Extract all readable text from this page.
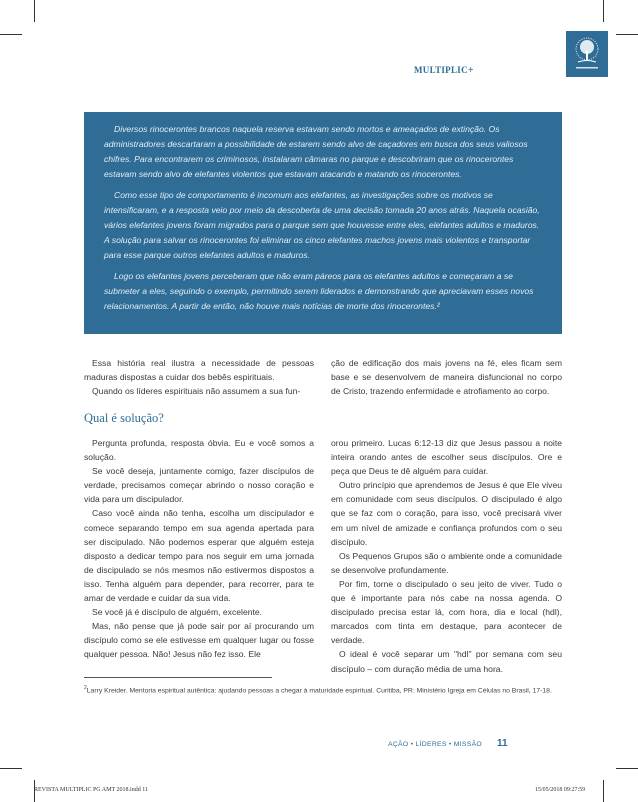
MULTIPLIC+

Diversos rinocerontes brancos naquela reserva estavam sendo mortos e ameaçados de extinção. Os administradores descartaram a possibilidade de estarem sendo alvo de caçadores em busca dos seus valiosos chifres. Para encontrarem os criminosos, instalaram câmaras no parque e descobriram que os rinocerontes estavam sendo alvo de elefantes violentos que estavam atacando e matando os rinocerontes.

Como esse tipo de comportamento é incomum aos elefantes, as investigações sobre os motivos se intensificaram, e a resposta veio por meio da descoberta de uma decisão tomada 20 anos atrás. Naquela ocasião, vários elefantes jovens foram migrados para o parque sem que houvesse entre eles, elefantes adultos e maduros. A solução para salvar os rinocerontes foi eliminar os cinco elefantes machos jovens mais violentos e transportar para esse parque outros elefantes adultos e maduros.

Logo os elefantes jovens perceberam que não eram páreos para os elefantes adultos e começaram a se submeter a eles, seguindo o exemplo, permitindo serem liderados e demonstrando que apreciavam esses novos relacionamentos. A partir de então, não houve mais notícias de morte dos rinocerontes.²

Essa história real ilustra a necessidade de pessoas maduras dispostas a cuidar dos bebês espirituais.

Quando os líderes espirituais não assumem a sua fun-

ção de edificação dos mais jovens na fé, eles ficam sem base e se desenvolvem de maneira disfuncional no corpo de Cristo, trazendo enfermidade e atrofiamento ao corpo.

Qual é solução?

Pergunta profunda, resposta óbvia. Eu e você somos a solução.

Se você deseja, juntamente comigo, fazer discípulos de verdade, precisamos começar abrindo o nosso coração e vida para um discipulador.

Caso você ainda não tenha, escolha um discipulador e comece separando tempo em sua agenda apertada para ser discipulado. Não podemos esperar que alguém esteja disposto a dedicar tempo para nos seguir em uma jornada de discipulado se nós mesmos não estivermos dispostos a isso. Tenha alguém para depender, para recorrer, para te amar de verdade e cuidar da sua vida.

Se você já é discípulo de alguém, excelente.

Mas, não pense que já pode sair por aí procurando um discípulo como se ele estivesse em qualquer lugar ou fosse qualquer pessoa. Não! Jesus não fez isso. Ele

orou primeiro. Lucas 6:12-13 diz que Jesus passou a noite inteira orando antes de escolher seus discípulos. Ore e peça que Deus te dê alguém para cuidar.

Outro princípio que aprendemos de Jesus é que Ele viveu em comunidade com seus discípulos. O discipulado é algo que se faz com o coração, para isso, você precisará viver em um nível de amizade e confiança profundos com o seu discípulo.

Os Pequenos Grupos são o ambiente onde a comunidade se desenvolve profundamente.

Por fim, torne o discipulado o seu jeito de viver. Tudo o que é importante para nós cabe na nossa agenda. O discipulado precisa estar lá, com hora, dia e local (hdl), marcados com tinta em destaque, para acontecer de verdade.

O ideal é você separar um "hdl" por semana com seu discípulo – com duração média de uma hora.

$^2$Larry Kreider. Mentoria espiritual autêntica: ajudando pessoas a chegar à maturidade espiritual. Curitiba, PR: Ministério Igreja em Células no Brasil, 17-18.
AÇÃO • LÍDERES • MISSÃO 11
REVISTA MULTIPLIC PG AMT 2018.indd 11	15/05/2018 09:27:59
